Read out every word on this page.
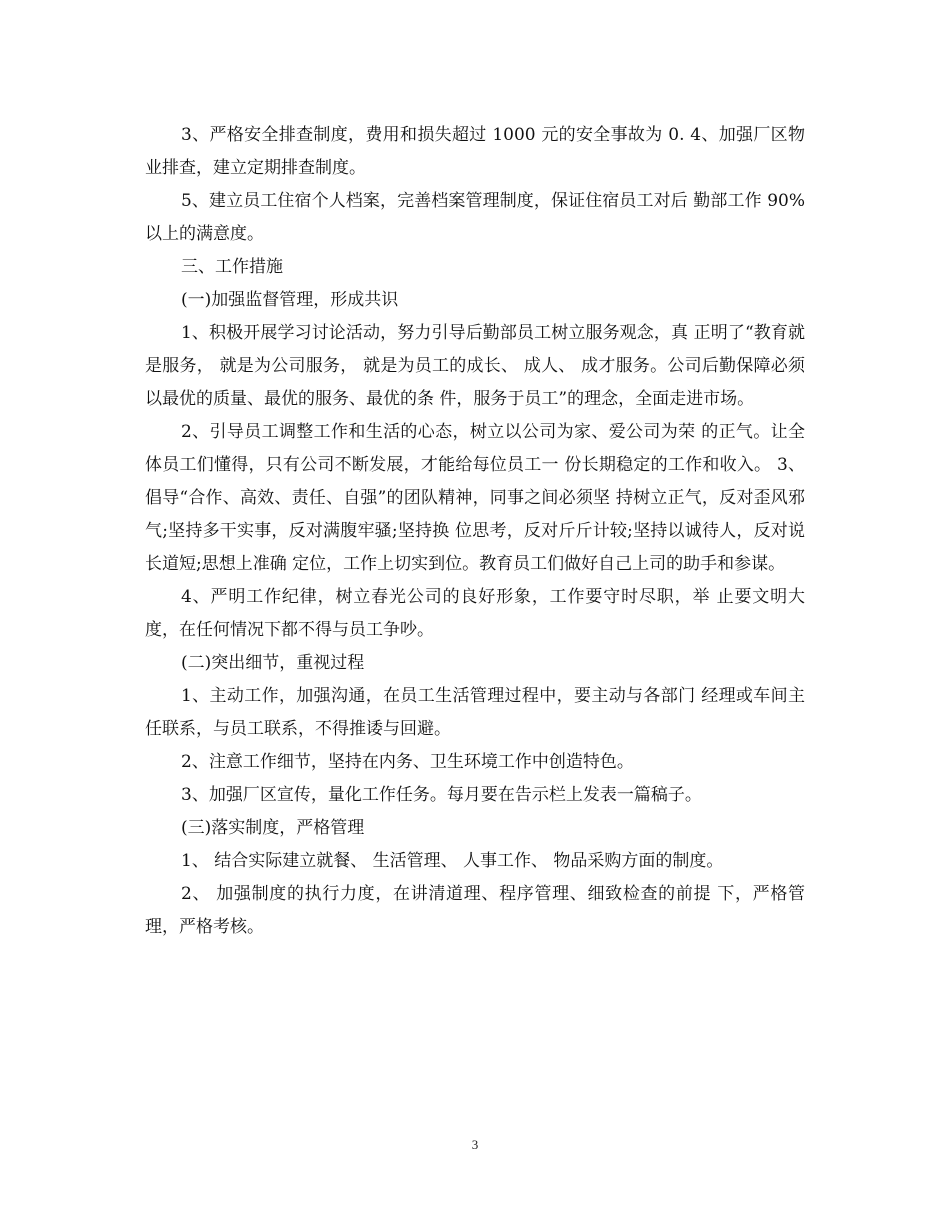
3、严格安全排查制度，费用和损失超过 1000 元的安全事故为 0. 4、加强厂区物业排查，建立定期排查制度。

5、建立员工住宿个人档案，完善档案管理制度，保证住宿员工对后 勤部工作 90%以上的满意度。

三、工作措施

(一)加强监督管理，形成共识

1、积极开展学习讨论活动，努力引导后勤部员工树立服务观念，真 正明了“教育就是服务， 就是为公司服务， 就是为员工的成长、 成人、 成才服务。公司后勤保障必须以最优的质量、最优的服务、最优的条 件，服务于员工”的理念，全面走进市场。

2、引导员工调整工作和生活的心态，树立以公司为家、爱公司为荣 的正气。让全体员工们懂得，只有公司不断发展，才能给每位员工一 份长期稳定的工作和收入。 3、倡导“合作、高效、责任、自强”的团队精神，同事之间必须坚 持树立正气，反对歪风邪气;坚持多干实事，反对满腹牢骚;坚持换 位思考，反对斤斤计较;坚持以诚待人，反对说长道短;思想上准确 定位，工作上切实到位。教育员工们做好自己上司的助手和参谋。

4、严明工作纪律，树立春光公司的良好形象，工作要守时尽职，举 止要文明大度，在任何情况下都不得与员工争吵。

(二)突出细节，重视过程

1、主动工作，加强沟通，在员工生活管理过程中，要主动与各部门 经理或车间主任联系，与员工联系，不得推诿与回避。

2、注意工作细节，坚持在内务、卫生环境工作中创造特色。

3、加强厂区宣传，量化工作任务。每月要在告示栏上发表一篇稿子。

(三)落实制度，严格管理

1、 结合实际建立就餐、 生活管理、 人事工作、 物品采购方面的制度。

2、 加强制度的执行力度，在讲清道理、程序管理、细致检查的前提 下，严格管理，严格考核。

3
